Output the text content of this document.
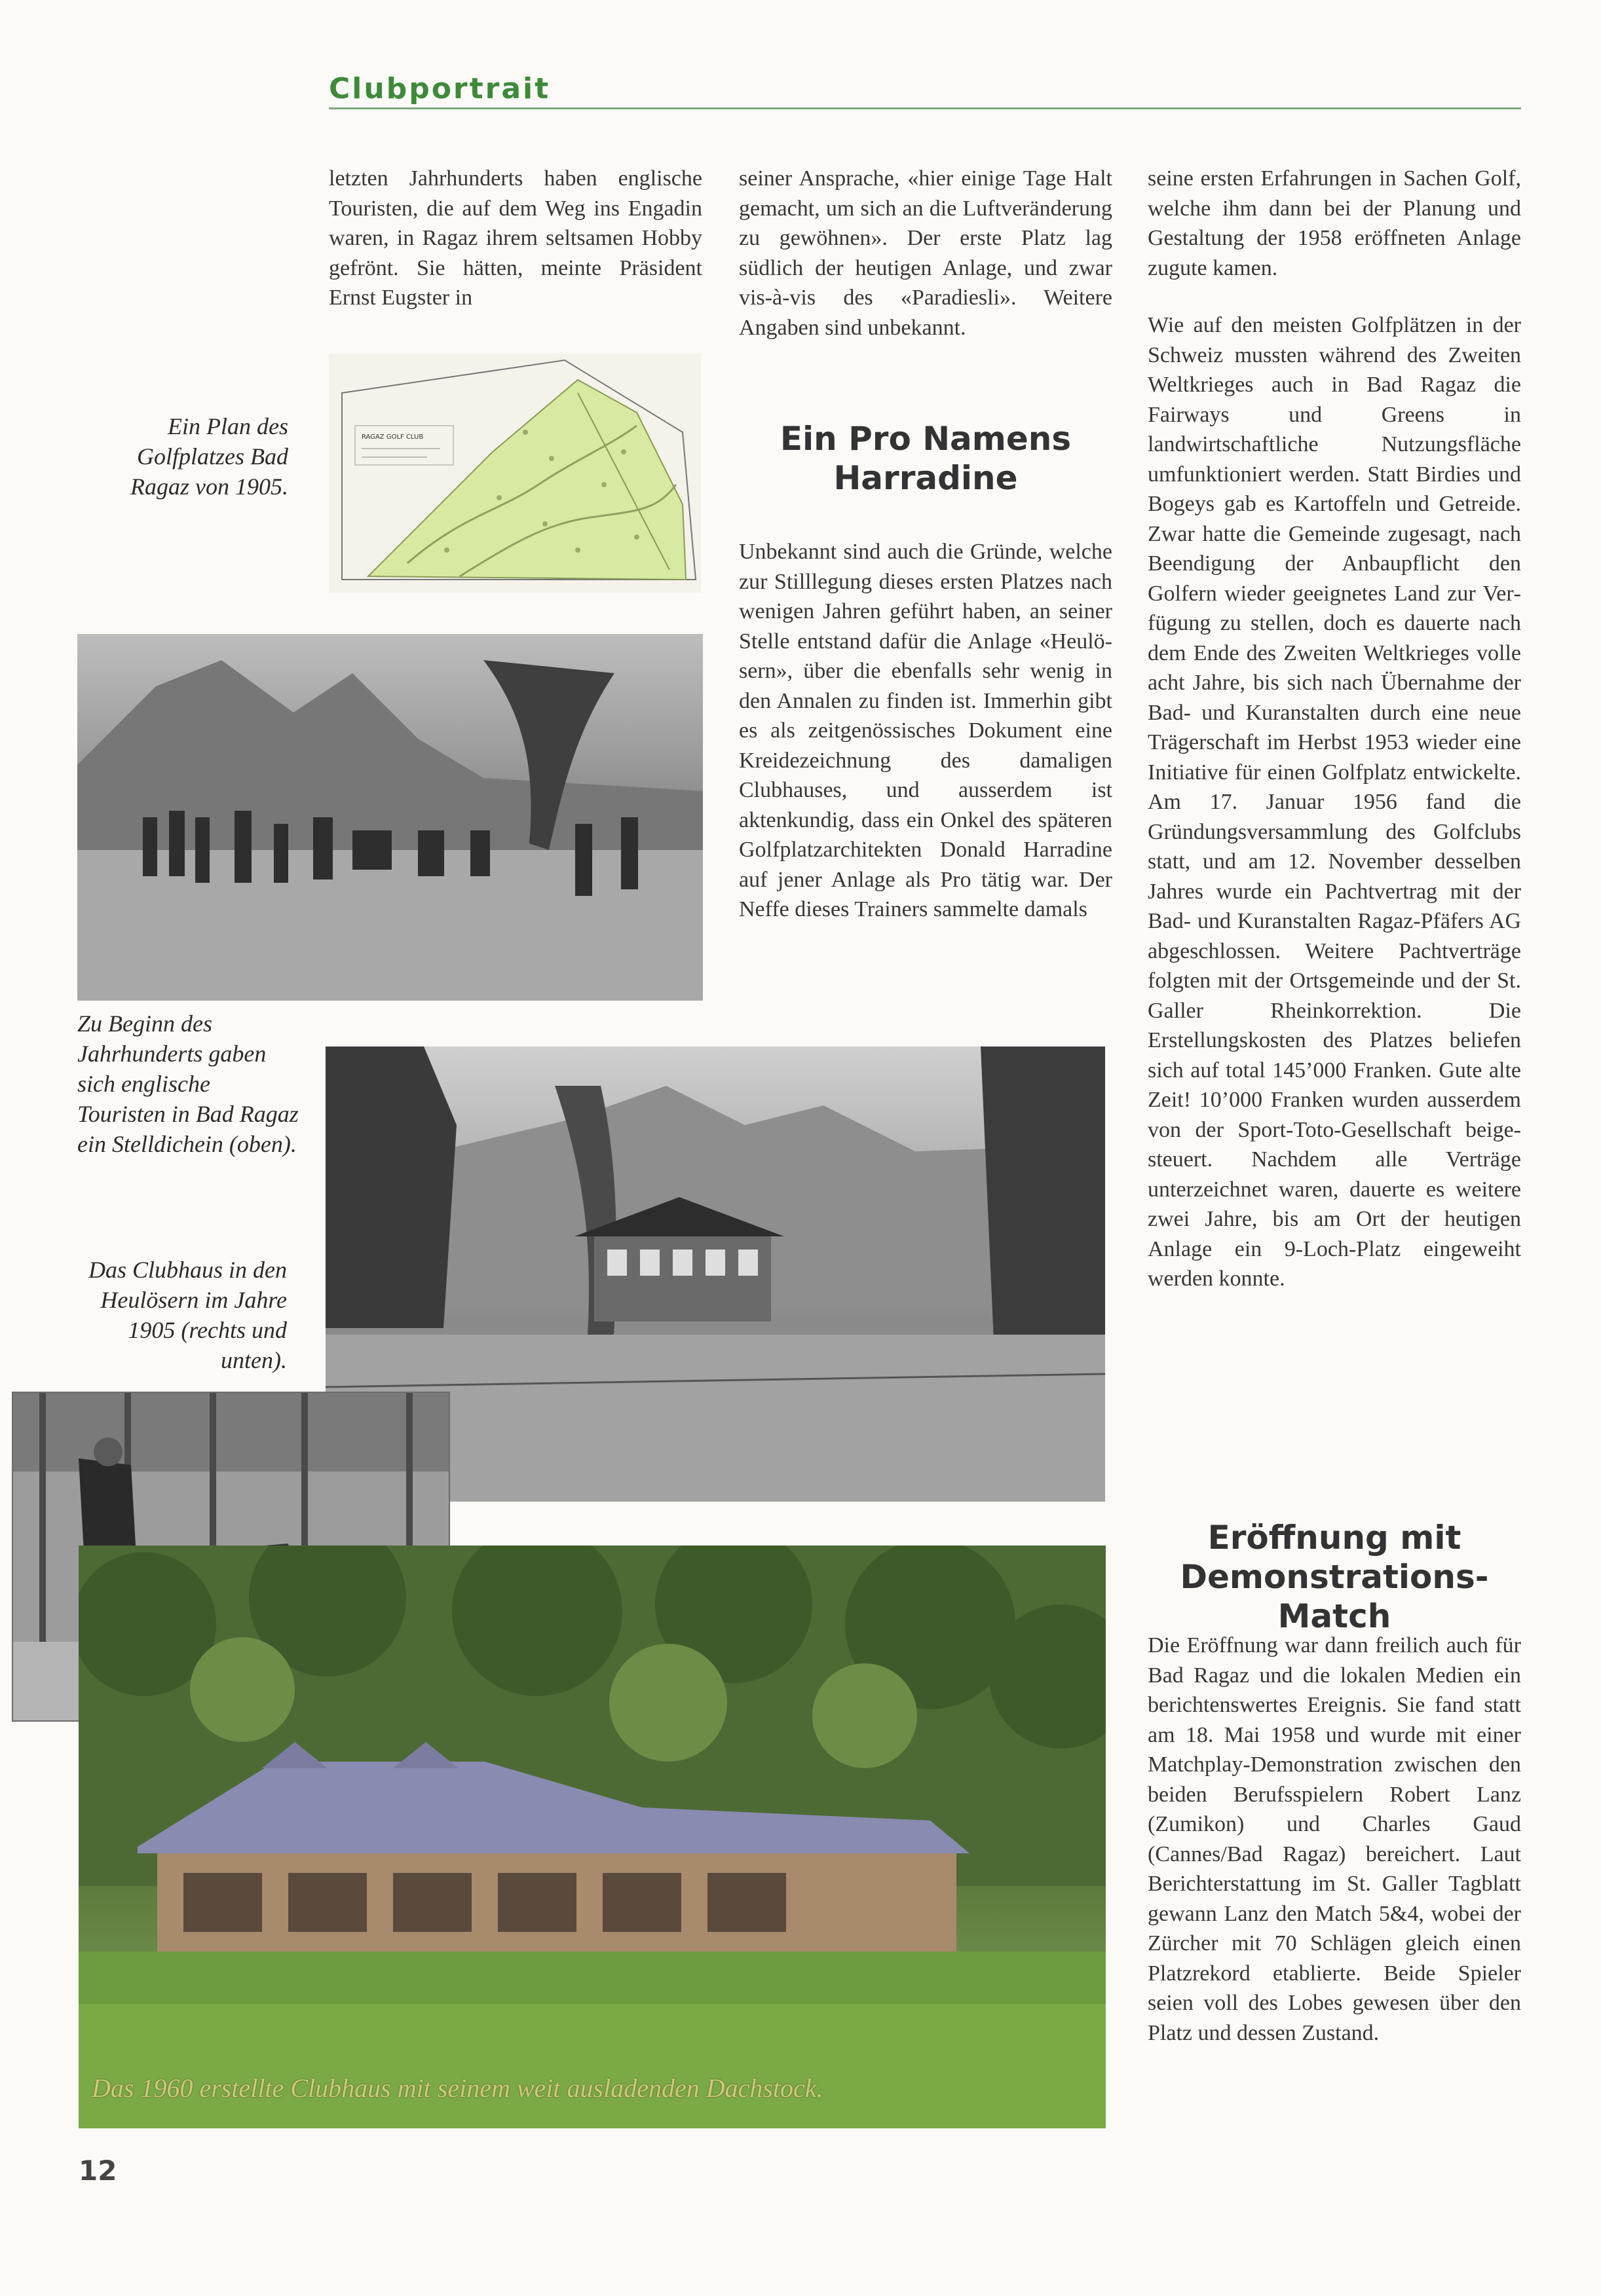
Clubportrait

letzten Jahrhunderts haben englische Touristen, die auf dem Weg ins Engadin waren, in Ragaz ihrem seltsamen Hobby gefrönt. Sie hätten, meinte Präsident Ernst Eugster in

RAGAZ GOLF CLUB
Ein Plan des Golfplatzes Bad Ragaz von 1905.

seiner Ansprache, «hier einige Tage Halt gemacht, um sich an die Luftveränderung zu gewöhnen». Der erste Platz lag südlich der heutigen Anlage, und zwar vis-à-vis des «Paradiesli». Weitere Angaben sind unbekannt.

Ein Pro Namens Harradine

Unbekannt sind auch die Gründe, welche zur Stilllegung dieses ersten Platzes nach wenigen Jahren geführt haben, an seiner Stelle entstand dafür die Anlage «Heulösern», über die ebenfalls sehr wenig in den Annalen zu finden ist. Immerhin gibt es als zeitgenössisches Dokument eine Kreidezeichnung des damaligen Clubhauses, und ausserdem ist aktenkundig, dass ein Onkel des späteren Golfplatzarchitekten Donald Harradine auf jener Anlage als Pro tätig war. Der Neffe dieses Trainers sammelte damals

seine ersten Erfahrungen in Sachen Golf, welche ihm dann bei der Planung und Gestaltung der 1958 eröffneten Anlage zugute kamen.

Wie auf den meisten Golfplätzen in der Schweiz mussten während des Zweiten Weltkrieges auch in Bad Ragaz die Fairways und Greens in landwirtschaftliche Nutzungsfläche umfunktioniert werden. Statt Birdies und Bogeys gab es Kartoffeln und Getreide. Zwar hatte die Gemeinde zugesagt, nach Beendigung der Anbaupflicht den Golfern wieder geeignetes Land zur Verfügung zu stellen, doch es dauerte nach dem Ende des Zweiten Weltkrieges volle acht Jahre, bis sich nach Übernahme der Bad- und Kuranstalten durch eine neue Trägerschaft im Herbst 1953 wieder eine Initiative für einen Golfplatz entwickelte. Am 17. Januar 1956 fand die Gründungsversammlung des Golfclubs statt, und am 12. November desselben Jahres wurde ein Pachtvertrag mit der Bad- und Kuranstalten Ragaz-Pfäfers AG abgeschlossen. Weitere Pachtverträge folgten mit der Ortsgemeinde und der St. Galler Rheinkorrektion. Die Erstellungskosten des Platzes beliefen sich auf total 145’000 Franken. Gute alte Zeit! 10’000 Franken wurden ausserdem von der Sport-Toto-Gesellschaft beigesteuert. Nachdem alle Verträge unterzeichnet waren, dauerte es weitere zwei Jahre, bis am Ort der heutigen Anlage ein 9-Loch-Platz eingeweiht werden konnte.

Eröffnung mit Demonstrations-Match

Die Eröffnung war dann freilich auch für Bad Ragaz und die lokalen Medien ein berichtenswertes Ereignis. Sie fand statt am 18. Mai 1958 und wurde mit einer Matchplay-Demonstration zwischen den beiden Berufsspielern Robert Lanz (Zumikon) und Charles Gaud (Cannes/Bad Ragaz) bereichert. Laut Berichterstattung im St. Galler Tagblatt gewann Lanz den Match 5&4, wobei der Zürcher mit 70 Schlägen gleich einen Platzrekord etablierte. Beide Spieler seien voll des Lobes gewesen über den Platz und dessen Zustand.

Zu Beginn des Jahrhunderts gaben sich englische Touristen in Bad Ragaz ein Stelldichein (oben).
Das Clubhaus in den Heulösern im Jahre 1905 (rechts und unten).
Das 1960 erstellte Clubhaus mit seinem weit ausladenden Dachstock.
12
